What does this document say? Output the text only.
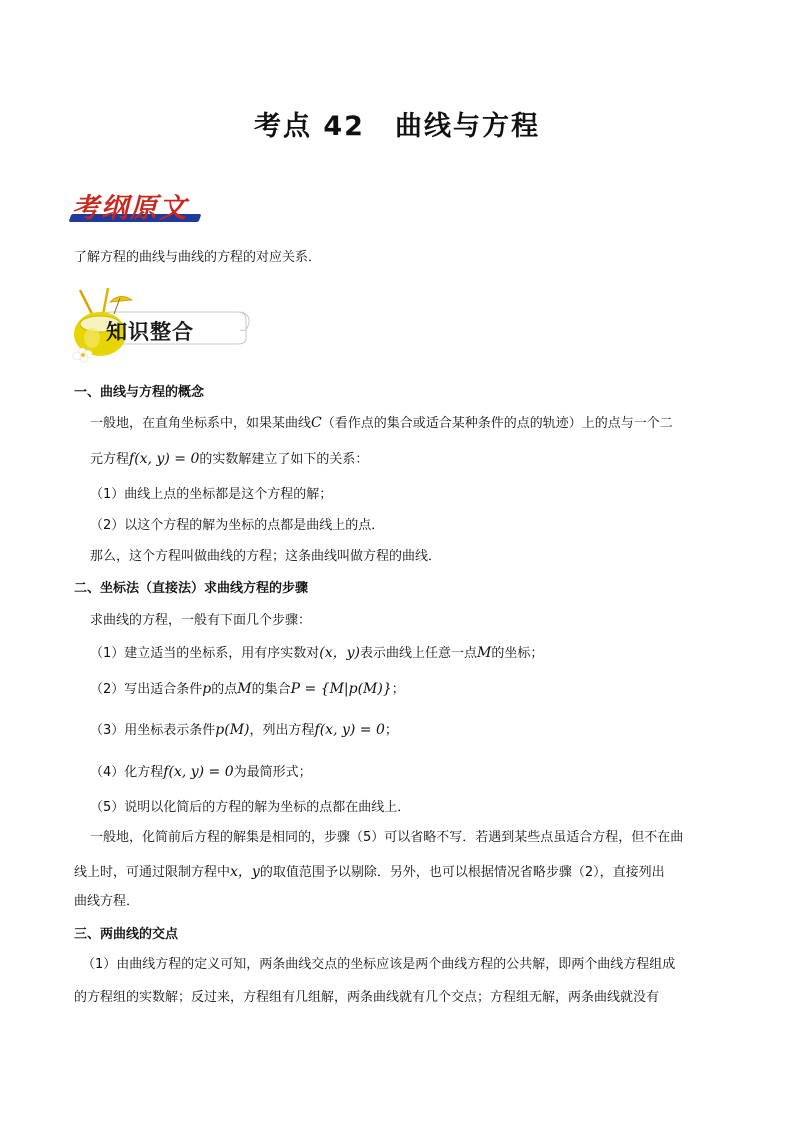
考点 42 曲线与方程
考纲原文

了解方程的曲线与曲线的方程的对应关系．

知识整合

一、曲线与方程的概念

一般地，在直角坐标系中，如果某曲线C（看作点的集合或适合某种条件的点的轨迹）上的点与一个二

元方程f(x, y) = 0的实数解建立了如下的关系：

（1）曲线上点的坐标都是这个方程的解；

（2）以这个方程的解为坐标的点都是曲线上的点．

那么，这个方程叫做曲线的方程；这条曲线叫做方程的曲线．

二、坐标法（直接法）求曲线方程的步骤

求曲线的方程，一般有下面几个步骤：

（1）建立适当的坐标系，用有序实数对(x，y)表示曲线上任意一点M的坐标；

（2）写出适合条件p的点M的集合P = {M|p(M)}；

（3）用坐标表示条件p(M)，列出方程f(x, y) = 0；

（4）化方程f(x, y) = 0为最简形式；

（5）说明以化简后的方程的解为坐标的点都在曲线上．

一般地，化简前后方程的解集是相同的，步骤（5）可以省略不写．若遇到某些点虽适合方程，但不在曲

线上时，可通过限制方程中x，y的取值范围予以剔除．另外，也可以根据情况省略步骤（2），直接列出

曲线方程．

三、两曲线的交点

（1）由曲线方程的定义可知，两条曲线交点的坐标应该是两个曲线方程的公共解，即两个曲线方程组成

的方程组的实数解；反过来，方程组有几组解，两条曲线就有几个交点；方程组无解，两条曲线就没有
